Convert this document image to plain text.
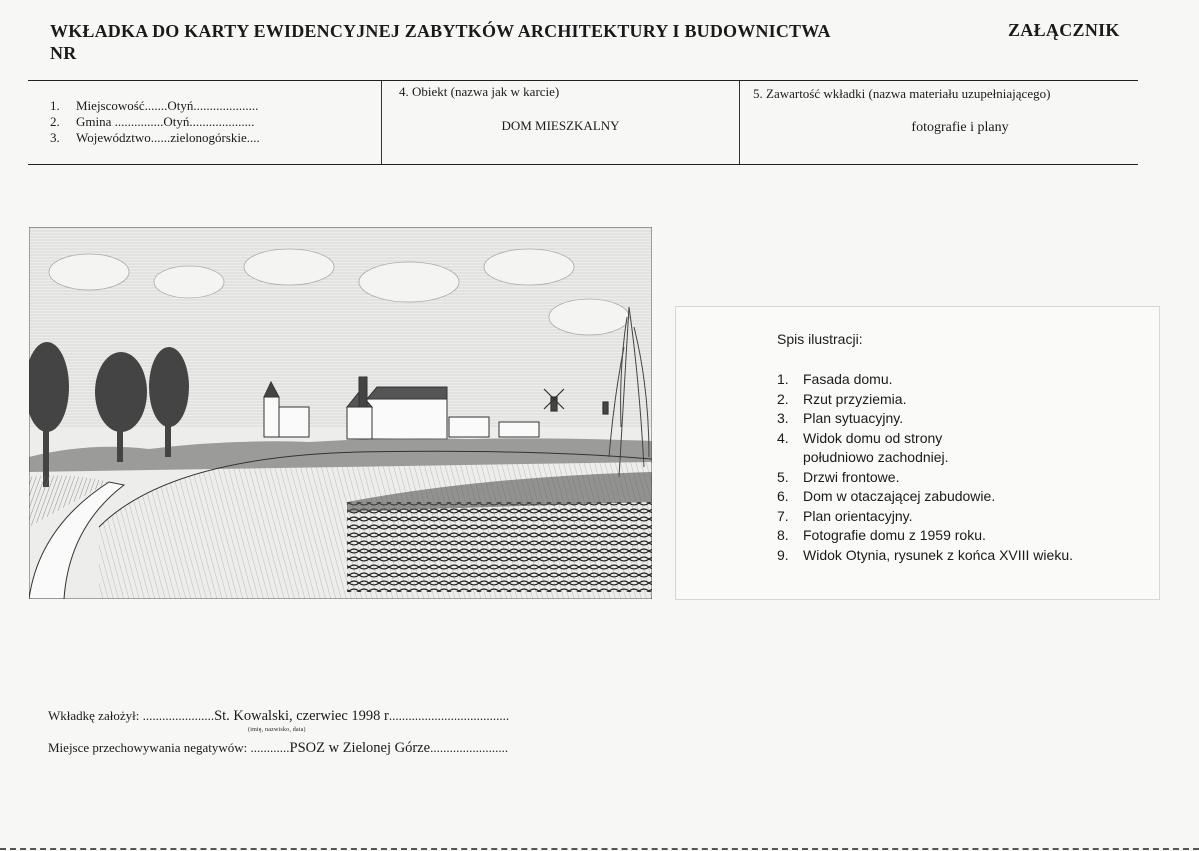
WKŁADKA DO KARTY EWIDENCYJNEJ ZABYTKÓW ARCHITEKTURY I BUDOWNICTWA
NR
ZAŁĄCZNIK
1. Miejscowość.......Otyń....................
2. Gmina ...............Otyń....................
3. Województwo......zielonogórskie....
4. Obiekt (nazwa jak w karcie)
DOM MIESZKALNY
5. Zawartość wkładki (nazwa materiału uzupełniającego)
fotografie i plany
Spis ilustracji:
1.	Fasada domu.
2.	Rzut przyziemia.
3.	Plan sytuacyjny.
4.	Widok domu od strony
południowo zachodniej.
5.	Drzwi frontowe.
6.	Dom w otaczającej zabudowie.
7.	Plan orientacyjny.
8.	Fotografie domu z 1959 roku.
9.	Widok Otynia, rysunek z końca XVIII wieku.
Wkładkę założył: ......................St. Kowalski, czerwiec 1998 r.....................................
(imię, nazwisko, data)
Miejsce przechowywania negatywów: ............PSOZ w Zielonej Górze........................
